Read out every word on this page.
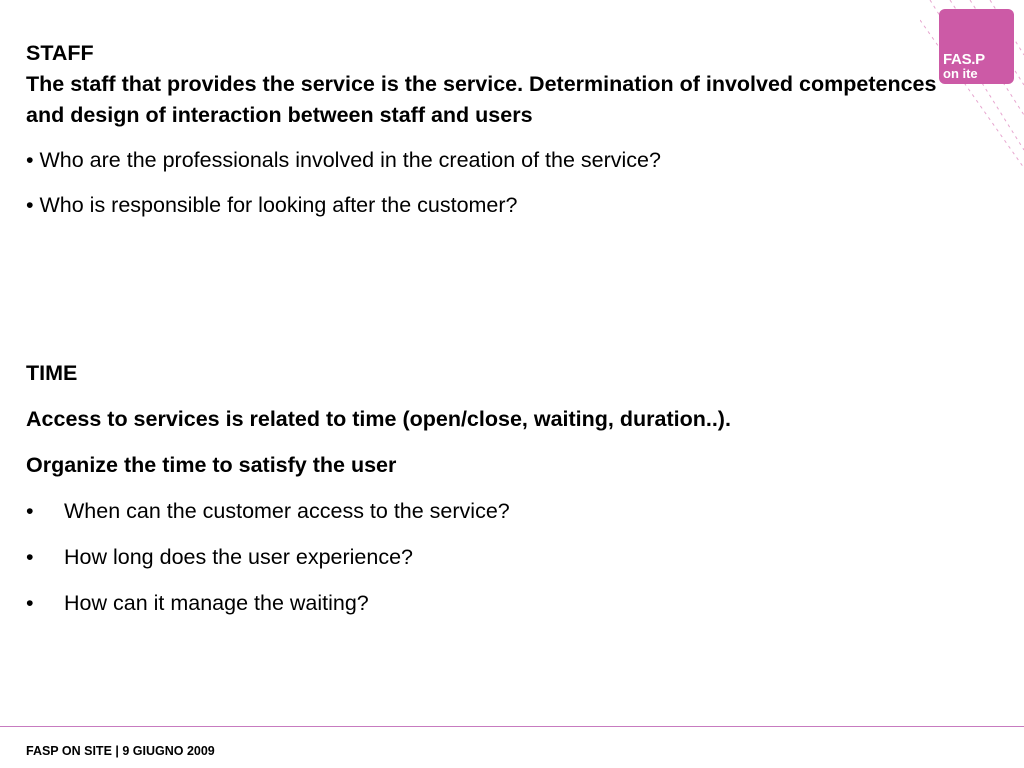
FAS.P
on ite
STAFF
The staff that provides the service is the service. Determination of involved competences and design of interaction between staff and users
• Who are the professionals involved in the creation of the service?
• Who is responsible for looking after the customer?
TIME
Access to services is related to time (open/close, waiting, duration..).
Organize the time to satisfy the user
• When can the customer access to the service?
• How long does the user experience?
• How can it manage the waiting?
FASP ON SITE | 9 GIUGNO 2009
